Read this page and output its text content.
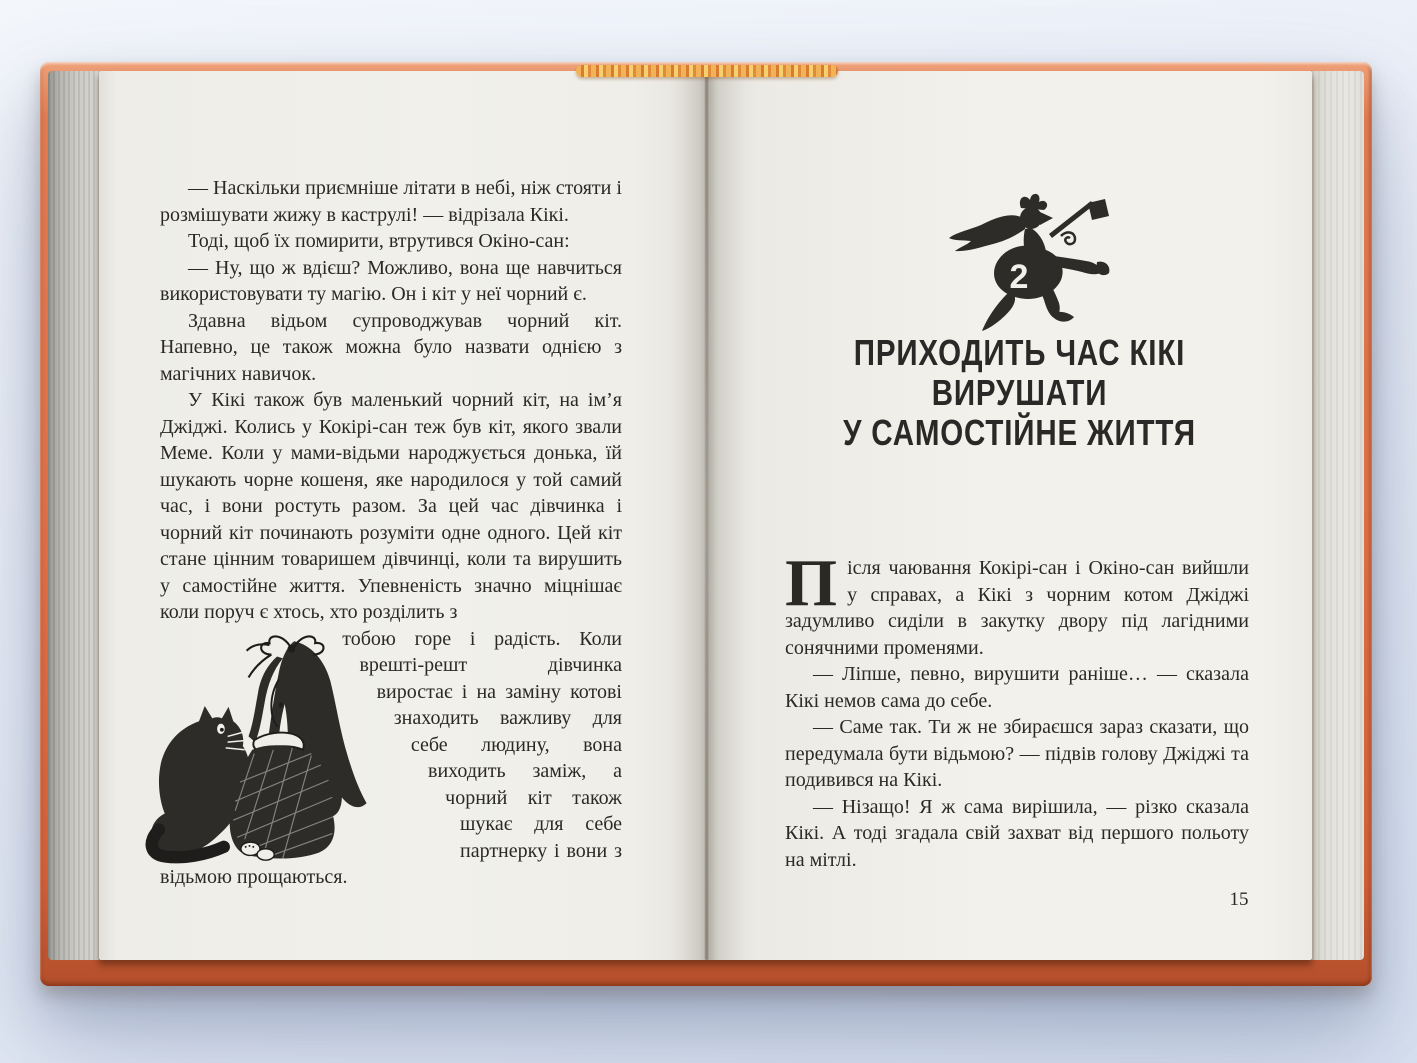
— Наскільки приємніше літати в небі, ніж стояти і розмішувати жижу в каструлі! — відрізала Кікі.

Тоді, щоб їх помирити, втрутився Окіно-сан:

— Ну, що ж вдієш? Можливо, вона ще навчиться використовувати ту магію. Он і кіт у неї чорний є.

Здавна відьом супроводжував чорний кіт. Напевно, це також можна було назвати однією з магічних навичок.

У Кікі також був маленький чорний кіт, на ім’я Джіджі. Колись у Кокірі-сан теж був кіт, якого звали Меме. Коли у мами-відьми народжується донька, їй шукають чорне кошеня, яке народилося у той самий час, і вони ростуть разом. За цей час дівчинка і чорний кіт починають розуміти одне одного. Цей кіт стане цінним товаришем дівчинці, коли та вирушить у самостійне життя. Упевненість значно міцнішає коли поруч є хтось, хто розділить з

тобою горе і радість. Коли врешті-решт дівчинка виростає і на заміну котові знаходить важливу для себе людину, вона виходить заміж, а чорний кіт також шукає для себе партнерку і вони з відьмою прощаються.

2
ПРИХОДИТЬ ЧАС КІКІ ВИРУШАТИ
У САМОСТІЙНЕ ЖИТТЯ
П ісля чаювання Кокірі-сан і Окіно-сан вийшли у справах, а Кікі з чорним котом Джіджі задумливо сиділи в закутку двору під лагідними сонячними променями.

— Ліпше, певно, вирушити раніше… — сказала Кікі немов сама до себе.

— Саме так. Ти ж не збираєшся зараз сказати, що передумала бути відьмою? — підвів голову Джіджі та подивився на Кікі.

— Нізащо! Я ж сама вирішила, — різко сказала Кікі. А тоді згадала свій захват від першого польоту на мітлі.

15
